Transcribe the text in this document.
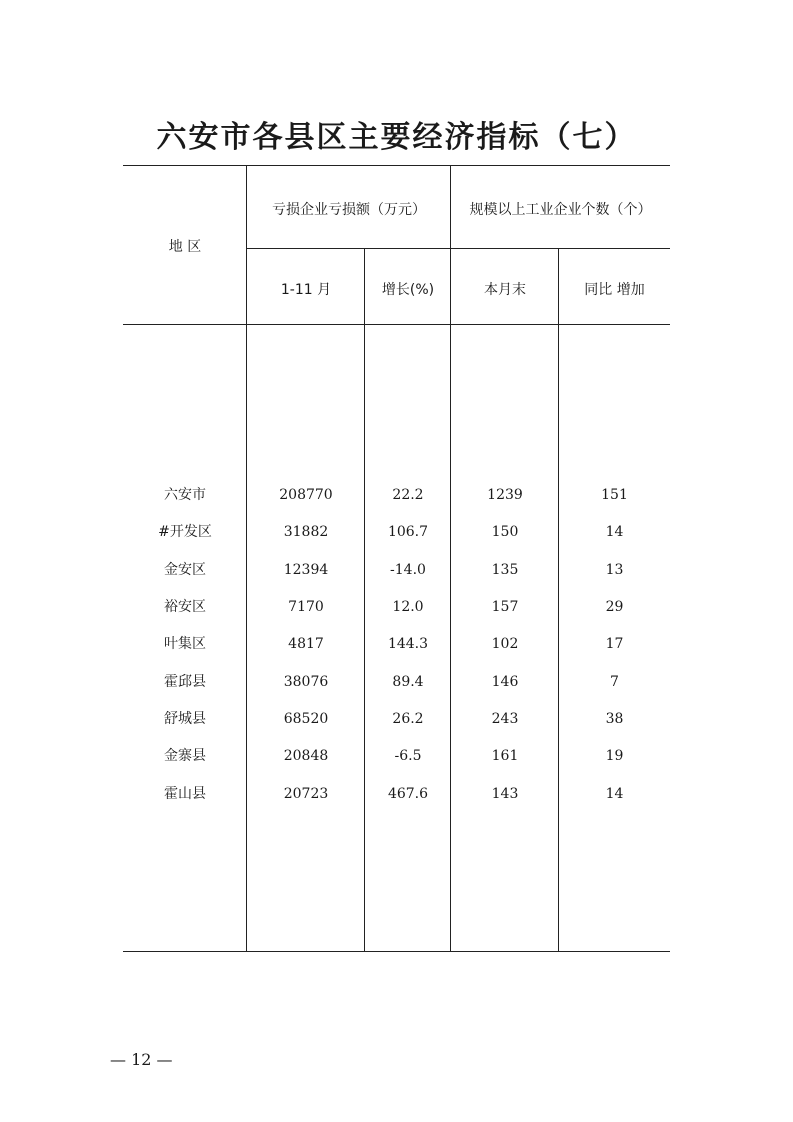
六安市各县区主要经济指标（七）
地 区
亏损企业亏损额（万元）	规模以上工业企业个数（个）
1-11 月	增长(%)	本月末	同比 增加
六安市	208770	22.2	1239	151
#开发区	31882	106.7	150	14
金安区	12394	-14.0	135	13
裕安区	7170	12.0	157	29
叶集区	4817	144.3	102	17
霍邱县	38076	89.4	146	7
舒城县	68520	26.2	243	38
金寨县	20848	-6.5	161	19
霍山县	20723	467.6	143	14
— 12 —
